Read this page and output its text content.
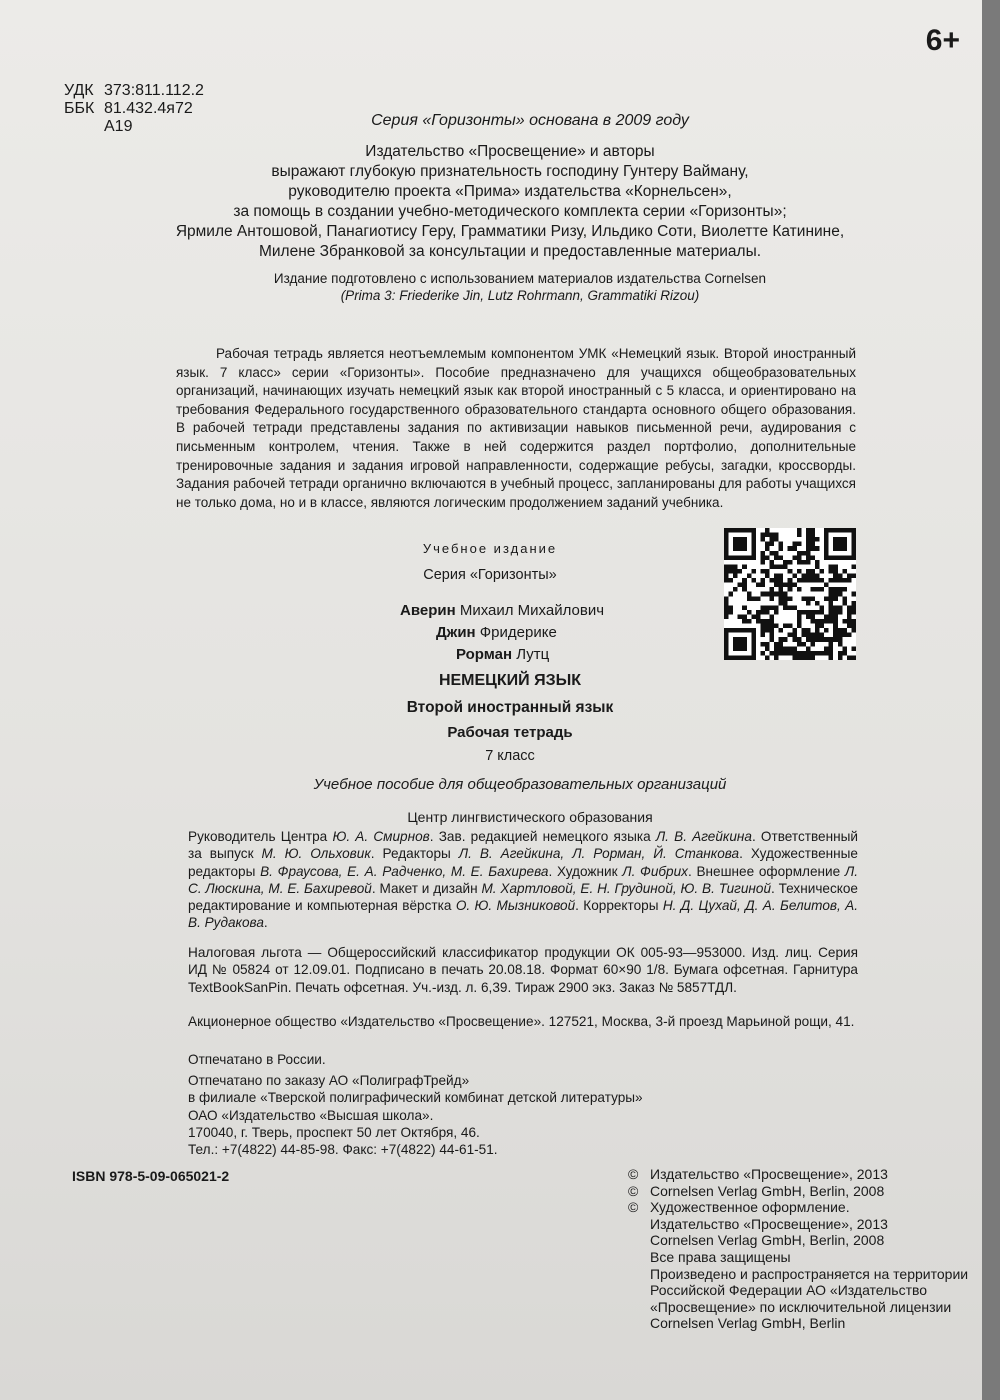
6+
УДК 373:811.112.2
ББК 81.432.4я72
А19	Серия «Горизонты» основана в 2009 году

Издательство «Просвещение» и авторы

выражают глубокую признательность господину Гунтеру Вайману,

руководителю проекта «Прима» издательства «Корнельсен»,

за помощь в создании учебно-методического комплекта серии «Горизонты»;

Ярмиле Антошовой, Панагиотису Геру, Грамматики Ризу, Ильдико Соти, Виолетте Катинине,

Милене Збранковой за консультации и предоставленные материалы.

Издание подготовлено с использованием материалов издательства Cornelsen

(Prima 3: Friederike Jin, Lutz Rohrmann, Grammatiki Rizou)

Рабочая тетрадь является неотъемлемым компонентом УМК «Немецкий язык. Второй иностранный язык. 7 класс» серии «Горизонты». Пособие предназначено для учащихся общеобразовательных организаций, начинающих изучать немецкий язык как второй иностранный с 5 класса, и ориентировано на требования Федерального государственного образовательного стандарта основного общего образования. В рабочей тетради представлены задания по активизации навыков письменной речи, аудирования с письменным контролем, чтения. Также в ней содержится раздел портфолио, дополнительные тренировочные задания и задания игровой направленности, содержащие ребусы, загадки, кроссворды. Задания рабочей тетради органично включаются в учебный процесс, запланированы для работы учащихся не только дома, но и в классе, являются логическим продолжением заданий учебника.
Учебное издание
Серия «Горизонты»
Аверин Михаил Михайлович
Джин Фридерике
Рорман Лутц
НЕМЕЦКИЙ ЯЗЫК
Второй иностранный язык
Рабочая тетрадь
7 класс
Учебное пособие для общеобразовательных организаций
Центр лингвистического образования
Руководитель Центра Ю. А. Смирнов. Зав. редакцией немецкого языка Л. В. Агейкина. Ответственный за выпуск М. Ю. Ольховик. Редакторы Л. В. Агейкина, Л. Рорман, Й. Станкова. Художественные редакторы В. Фраусова, Е. А. Радченко, М. Е. Бахирева. Художник Л. Фибрих. Внешнее оформление Л. С. Люскина, М. Е. Бахиревой. Макет и дизайн М. Хартловой, Е. Н. Грудиной, Ю. В. Тигиной. Техническое редактирование и компьютерная вёрстка О. Ю. Мызниковой. Корректоры Н. Д. Цухай, Д. А. Белитов, А. В. Рудакова.
Налоговая льгота — Общероссийский классификатор продукции ОК 005-93—953000. Изд. лиц. Серия ИД № 05824 от 12.09.01. Подписано в печать 20.08.18. Формат 60×90 1/8. Бумага офсетная. Гарнитура TextBookSanPin. Печать офсетная. Уч.-изд. л. 6,39. Тираж 2900 экз. Заказ № 5857ТДЛ.
Акционерное общество «Издательство «Просвещение». 127521, Москва, 3-й проезд Марьиной рощи, 41.
Отпечатано в России.
Отпечатано по заказу АО «ПолиграфТрейд»
в филиале «Тверской полиграфический комбинат детской литературы»
ОАО «Издательство «Высшая школа».
170040, г. Тверь, проспект 50 лет Октября, 46.
Тел.: +7(4822) 44-85-98. Факс: +7(4822) 44-61-51.
ISBN 978-5-09-065021-2	© Издательство «Просвещение», 2013
© Cornelsen Verlag GmbH, Berlin, 2008
© Художественное оформление.
Издательство «Просвещение», 2013
Cornelsen Verlag GmbH, Berlin, 2008
Все права защищены
Произведено и распространяется на территории
Российской Федерации АО «Издательство
«Просвещение» по исключительной лицензии
Cornelsen Verlag GmbH, Berlin
